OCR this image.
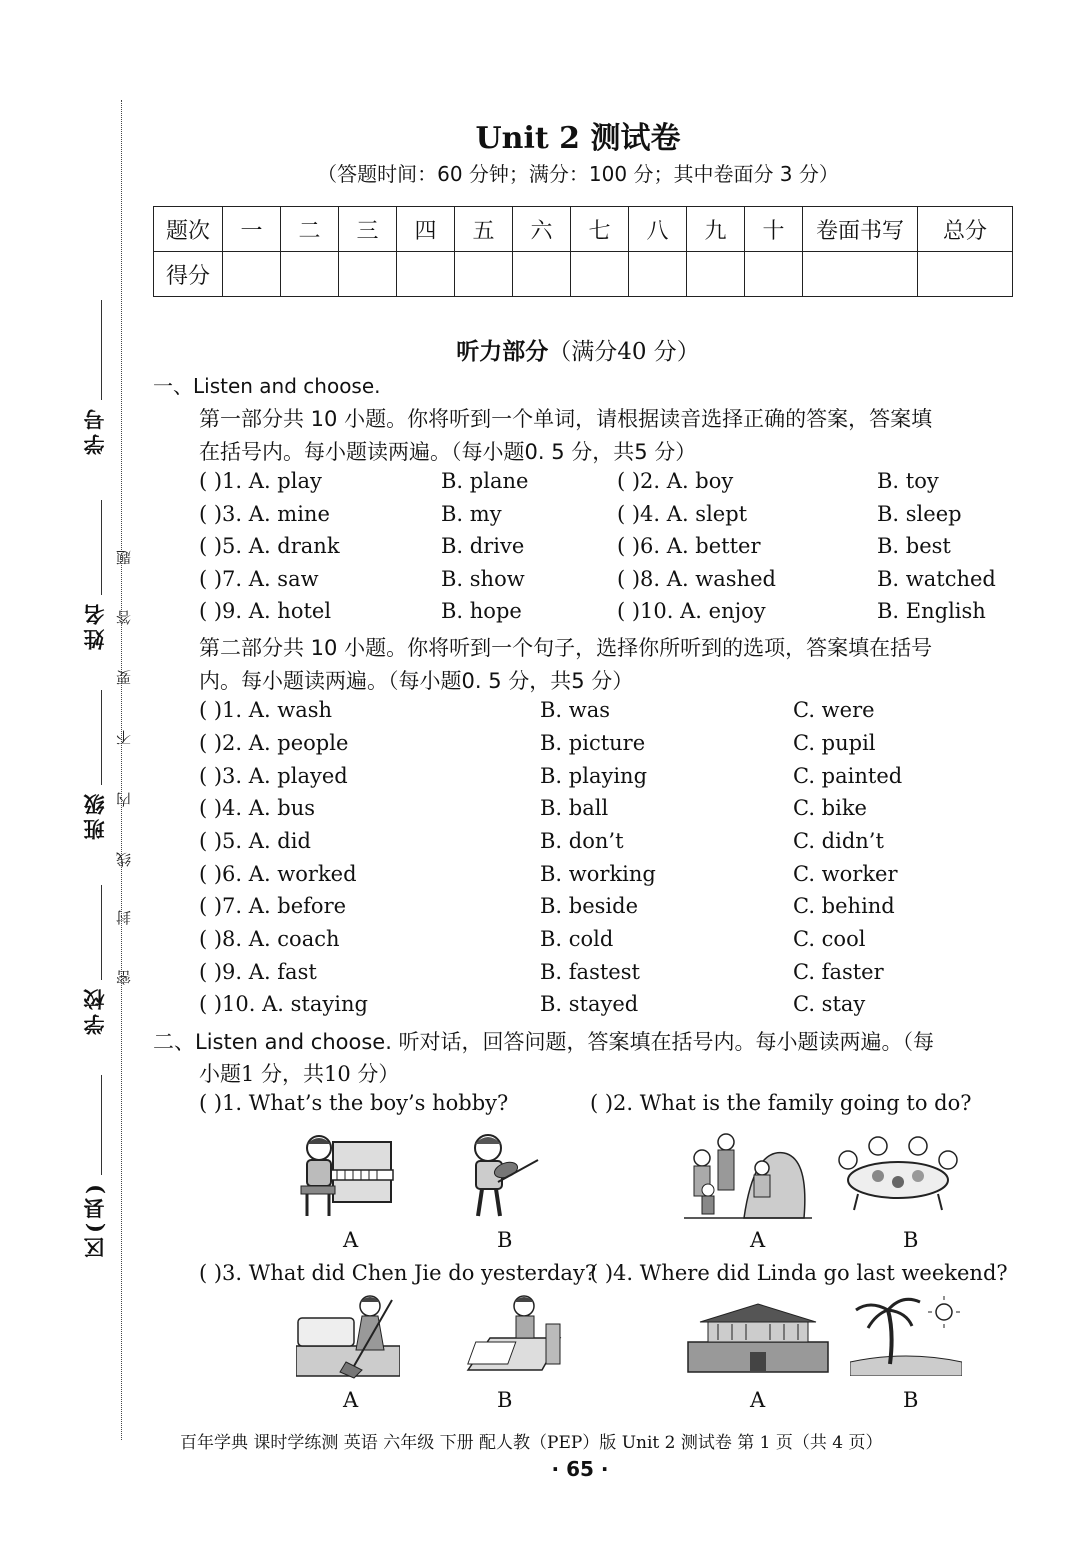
学号
姓名
班级
学校
区(县)
题
答
要
不
内
线
封
密
Unit 2 测试卷
（答题时间：60 分钟；满分：100 分；其中卷面分 3 分）
题次	一	二	三	四	五	六	七	八	九	十	卷面书写	总分
得分												
听力部分（满分40 分）
一、Listen and choose.
第一部分共 10 小题。你将听到一个单词，请根据读音选择正确的答案，答案填
在括号内。每小题读两遍。（每小题0. 5 分，共5 分）
( )1. A. play	B. plane	( )2. A. boy	B. toy
( )3. A. mine	B. my	( )4. A. slept	B. sleep
( )5. A. drank	B. drive	( )6. A. better	B. best
( )7. A. saw	B. show	( )8. A. washed	B. watched
( )9. A. hotel	B. hope	( )10. A. enjoy	B. English
第二部分共 10 小题。你将听到一个句子，选择你所听到的选项，答案填在括号
内。每小题读两遍。（每小题0. 5 分，共5 分）
( )1. A. wash	B. was	C. were
( )2. A. people	B. picture	C. pupil
( )3. A. played	B. playing	C. painted
( )4. A. bus	B. ball	C. bike
( )5. A. did	B. don’t	C. didn’t
( )6. A. worked	B. working	C. worker
( )7. A. before	B. beside	C. behind
( )8. A. coach	B. cold	C. cool
( )9. A. fast	B. fastest	C. faster
( )10. A. staying	B. stayed	C. stay
二、Listen and choose. 听对话，回答问题，答案填在括号内。每小题读两遍。（每
小题1 分，共10 分）
( )1. What’s the boy’s hobby?	( )2. What is the family going to do?
A	B	A	B
( )3. What did Chen Jie do yesterday?
( )4. Where did Linda go last weekend?
A	B	A	B
百年学典 课时学练测 英语 六年级 下册 配人教（PEP）版 Unit 2 测试卷 第 1 页（共 4 页）
· 65 ·
